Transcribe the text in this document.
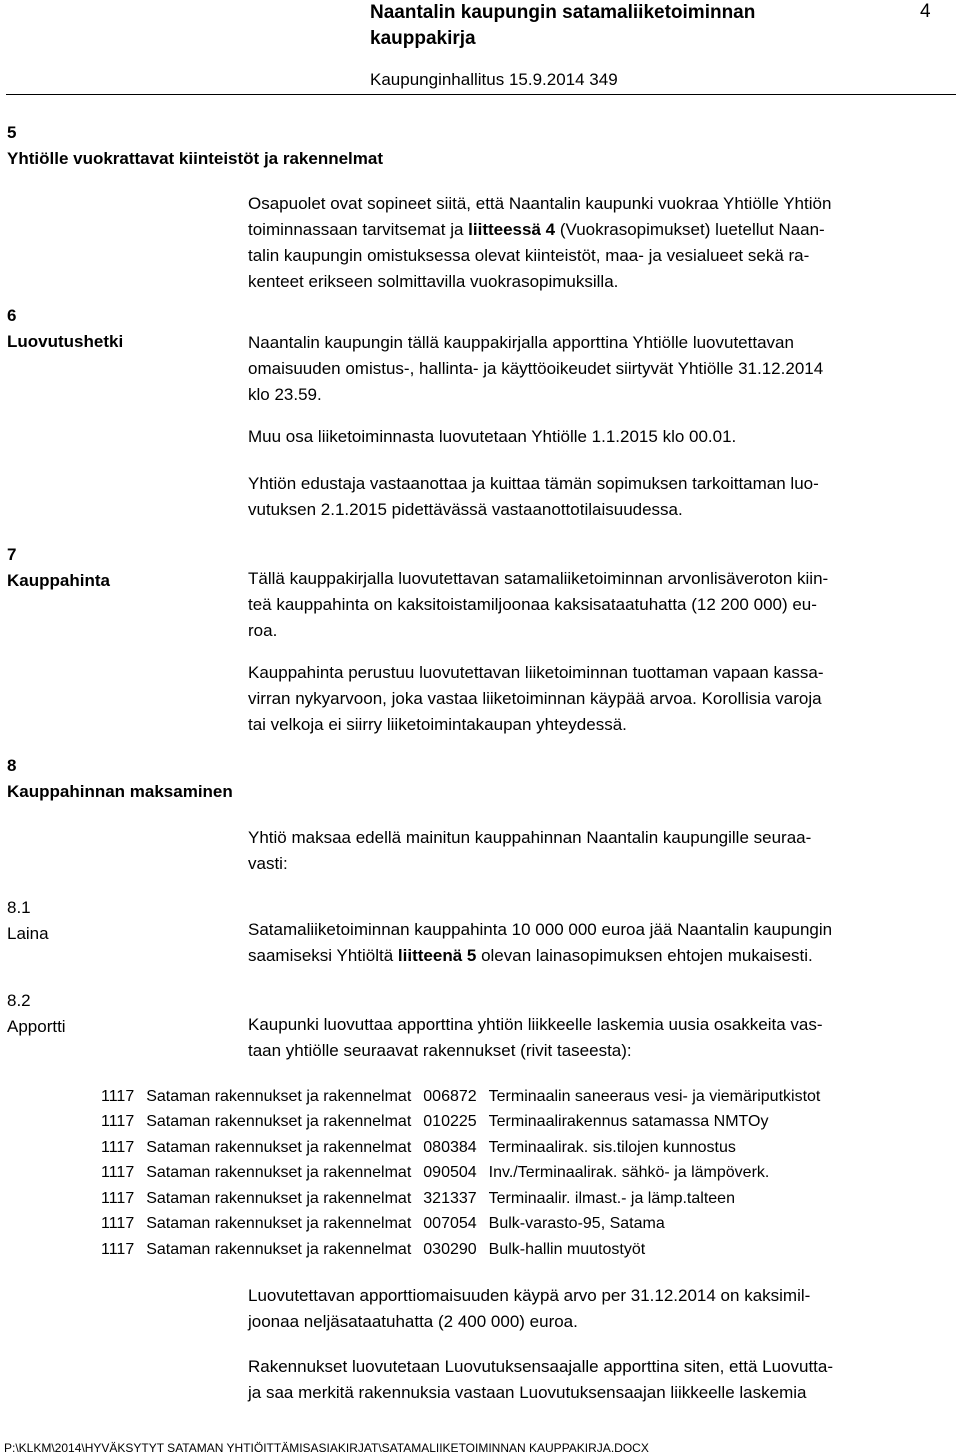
Naantalin kaupungin satamaliiketoiminnan
kauppakirja
4
Kaupunginhallitus 15.9.2014 349
5
Yhtiölle vuokrattavat kiinteistöt ja rakennelmat
Osapuolet ovat sopineet siitä, että Naantalin kaupunki vuokraa Yhtiölle Yhtiön
toiminnassaan tarvitsemat ja liitteessä 4 (Vuokrasopimukset) luetellut Naan-
talin kaupungin omistuksessa olevat kiinteistöt, maa- ja vesialueet sekä ra-
kenteet erikseen solmittavilla vuokrasopimuksilla.
6
Luovutushetki	Naantalin kaupungin tällä kauppakirjalla apporttina Yhtiölle luovutettavan
omaisuuden omistus-, hallinta- ja käyttöoikeudet siirtyvät Yhtiölle 31.12.2014
klo 23.59.
Muu osa liiketoiminnasta luovutetaan Yhtiölle 1.1.2015 klo 00.01.
Yhtiön edustaja vastaanottaa ja kuittaa tämän sopimuksen tarkoittaman luo-
vutuksen 2.1.2015 pidettävässä vastaanottotilaisuudessa.
7
Kauppahinta	Tällä kauppakirjalla luovutettavan satamaliiketoiminnan arvonlisäveroton kiin-
teä kauppahinta on kaksitoistamiljoonaa kaksisataatuhatta (12 200 000) eu-
roa.
Kauppahinta perustuu luovutettavan liiketoiminnan tuottaman vapaan kassa-
virran nykyarvoon, joka vastaa liiketoiminnan käypää arvoa. Korollisia varoja
tai velkoja ei siirry liiketoimintakaupan yhteydessä.
8
Kauppahinnan maksaminen
Yhtiö maksaa edellä mainitun kauppahinnan Naantalin kaupungille seuraa-
vasti:
8.1
Laina	Satamaliiketoiminnan kauppahinta 10 000 000 euroa jää Naantalin kaupungin
saamiseksi Yhtiöltä liitteenä 5 olevan lainasopimuksen ehtojen mukaisesti.
8.2
Apportti	Kaupunki luovuttaa apporttina yhtiön liikkeelle laskemia uusia osakkeita vas-
taan yhtiölle seuraavat rakennukset (rivit taseesta):
1117	Sataman rakennukset ja rakennelmat	006872	Terminaalin saneeraus vesi- ja viemäriputkistot
1117	Sataman rakennukset ja rakennelmat	010225	Terminaalirakennus satamassa NMTOy
1117	Sataman rakennukset ja rakennelmat	080384	Terminaalirak. sis.tilojen kunnostus
1117	Sataman rakennukset ja rakennelmat	090504	Inv./Terminaalirak. sähkö- ja lämpöverk.
1117	Sataman rakennukset ja rakennelmat	321337	Terminaalir. ilmast.- ja lämp.talteen
1117	Sataman rakennukset ja rakennelmat	007054	Bulk-varasto-95, Satama
1117	Sataman rakennukset ja rakennelmat	030290	Bulk-hallin muutostyöt
Luovutettavan apporttiomaisuuden käypä arvo per 31.12.2014 on kaksimil-
joonaa neljäsataatuhatta (2 400 000) euroa.
Rakennukset luovutetaan Luovutuksensaajalle apporttina siten, että Luovutta-
ja saa merkitä rakennuksia vastaan Luovutuksensaajan liikkeelle laskemia
P:\KLKM\2014\HYVÄKSYTYT SATAMAN YHTIÖITTÄMISASIAKIRJAT\SATAMALIIKETOIMINNAN KAUPPAKIRJA.DOCX
